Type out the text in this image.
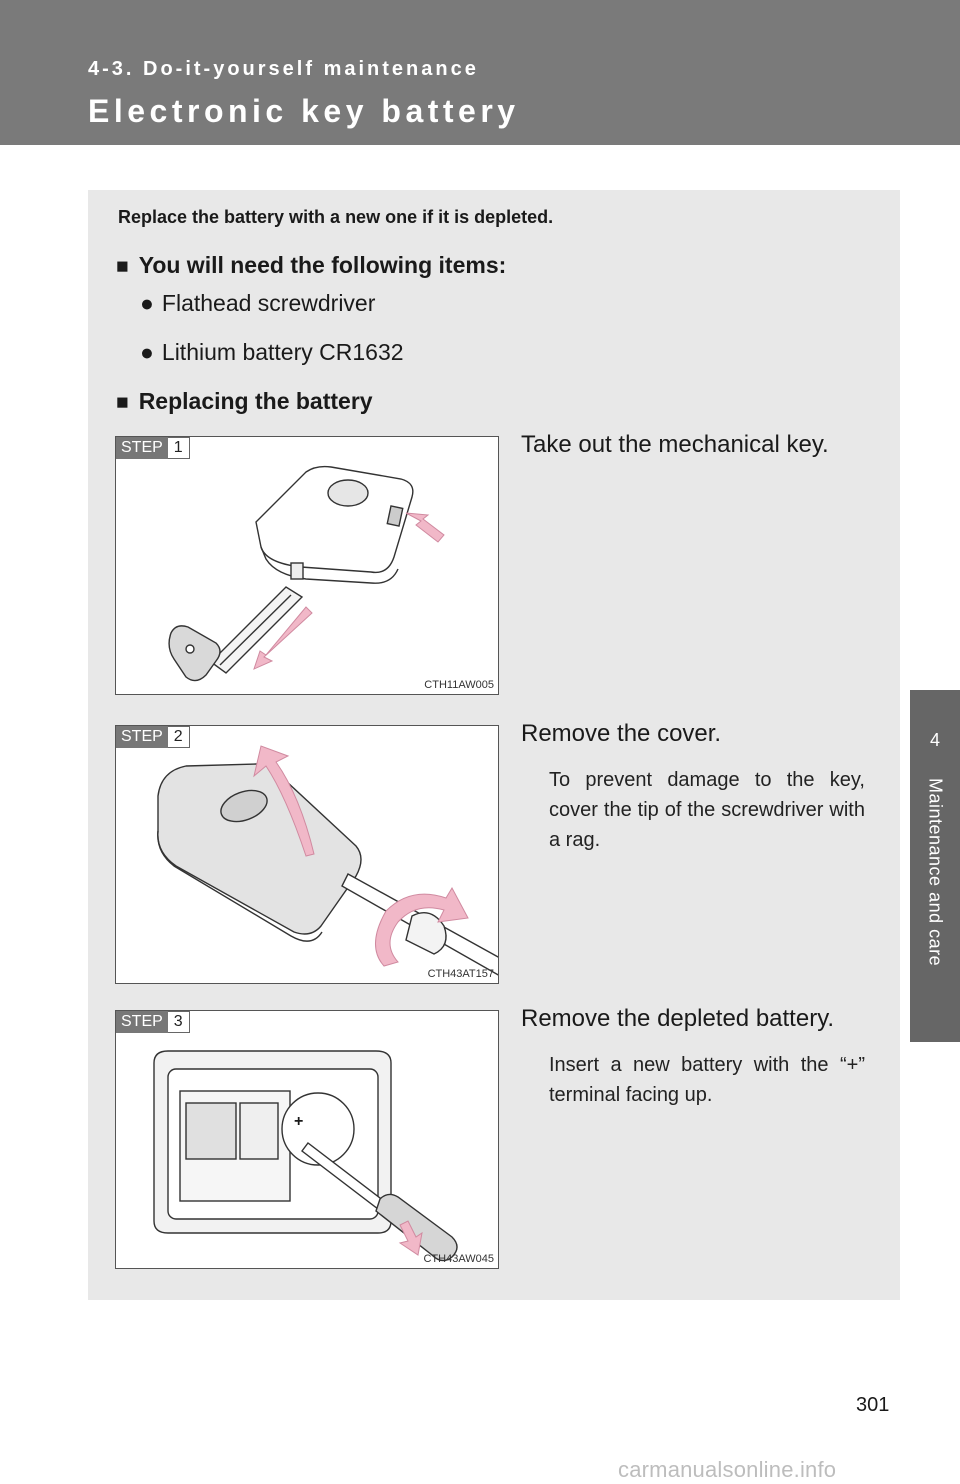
4-3. Do-it-yourself maintenance
Electronic key battery
4
Maintenance and care
Replace the battery with a new one if it is depleted.
■ You will need the following items:
● Flathead screwdriver
● Lithium battery CR1632
■ Replacing the battery
STEP 1
CTH11AW005
Take out the mechanical key.
STEP 2
CTH43AT157
Remove the cover.
To prevent damage to the key, cover the tip of the screwdriver with a rag.
+
STEP 3
CTH43AW045
Remove the depleted battery.
Insert a new battery with the “+” terminal facing up.
301
carmanualsonline.info
